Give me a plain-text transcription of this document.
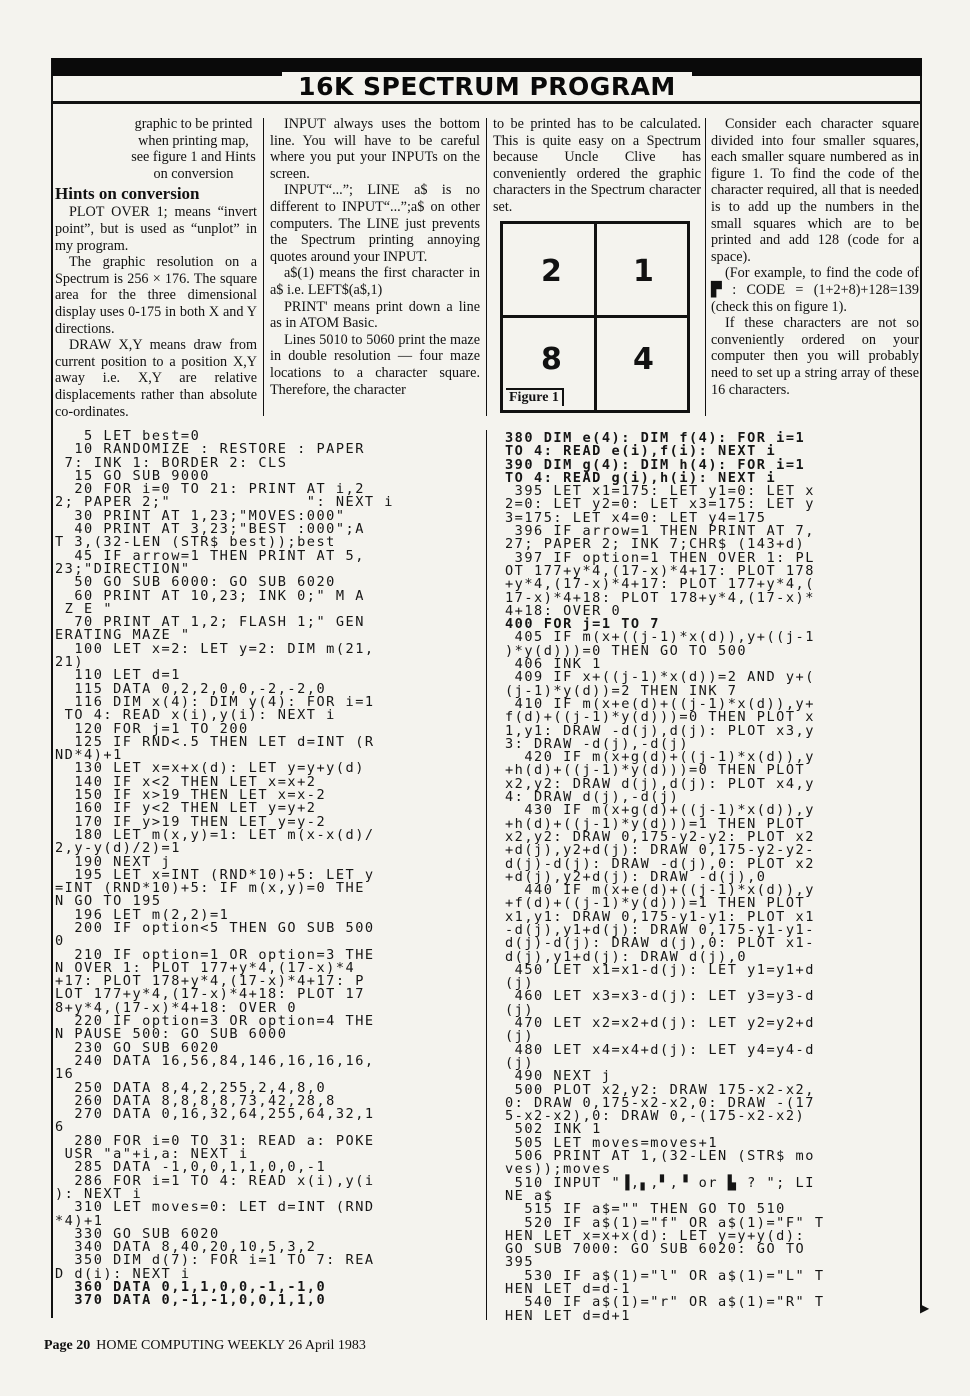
16K SPECTRUM PROGRAM

graphic to be printed when printing map, see figure 1 and Hints on conversion

Hints on conversion

PLOT OVER 1; means “invert point”, but is used as “unplot” in my program.

The graphic resolution on a Spectrum is 256 × 176. The square area for the three dimensional display uses 0-175 in both X and Y directions.

DRAW X,Y means draw from current position to a position X,Y away i.e. X,Y are relative displacements rather than absolute co-ordinates.

INPUT always uses the bottom line. You will have to be careful where you put your INPUTs on the screen.

INPUT“...”; LINE a$ is no different to INPUT“...”;a$ on other computers. The LINE just prevents the Spectrum printing annoying quotes around your INPUT.

a$(1) means the first character in a$ i.e. LEFT$(a$,1)

PRINT' means print down a line as in ATOM Basic.

Lines 5010 to 5060 print the maze in double resolution — four maze locations to a character square. Therefore, the character

to be printed has to be calculated. This is quite easy on a Spectrum because Uncle Clive has conveniently ordered the graphic characters in the Spectrum character set.

2 1
8 4
Figure 1

Consider each character square divided into four smaller squares, each smaller square numbered as in figure 1. To find the code of the character required, all that is needed is to add up the numbers in the small squares which are to be printed and add 128 (code for a space).

(For example, to find the code of ▛ : CODE = (1+2+8)+128=139 (check this on figure 1).

If these characters are not so conveniently ordered on your computer then you will probably need to set up a string array of these 16 characters.

5 LET best=0
10 RANDOMIZE : RESTORE : PAPER
7: INK 1: BORDER 2: CLS
15 GO SUB 9000
20 FOR i=0 TO 21: PRINT AT i,2
2; PAPER 2;"              ": NEXT i
30 PRINT AT 1,23;"MOVES:000"
40 PRINT AT 3,23;"BEST :000";A
T 3,(32-LEN (STR$ best));best
45 IF arrow=1 THEN PRINT AT 5,
23;"DIRECTION"
50 GO SUB 6000: GO SUB 6020
60 PRINT AT 10,23; INK 0;" M A
Z E "
70 PRINT AT 1,2; FLASH 1;" GEN
ERATING MAZE "
100 LET x=2: LET y=2: DIM m(21,
21)
110 LET d=1
115 DATA 0,2,2,0,0,-2,-2,0
116 DIM x(4): DIM y(4): FOR i=1
TO 4: READ x(i),y(i): NEXT i
120 FOR j=1 TO 200
125 IF RND<.5 THEN LET d=INT (R
ND*4)+1
130 LET x=x+x(d): LET y=y+y(d)
140 IF x<2 THEN LET x=x+2
150 IF x>19 THEN LET x=x-2
160 IF y<2 THEN LET y=y+2
170 IF y>19 THEN LET y=y-2
180 LET m(x,y)=1: LET m(x-x(d)/
2,y-y(d)/2)=1
190 NEXT j
195 LET x=INT (RND*10)+5: LET y
=INT (RND*10)+5: IF m(x,y)=0 THE
N GO TO 195
196 LET m(2,2)=1
200 IF option<5 THEN GO SUB 500
0
210 IF option=1 OR option=3 THE
N OVER 1: PLOT 177+y*4,(17-x)*4
+17: PLOT 178+y*4,(17-x)*4+17: P
LOT 177+y*4,(17-x)*4+18: PLOT 17
8+y*4,(17-x)*4+18: OVER 0
220 IF option=3 OR option=4 THE
N PAUSE 500: GO SUB 6000
230 GO SUB 6020
240 DATA 16,56,84,146,16,16,16,
16
250 DATA 8,4,2,255,2,4,8,0
260 DATA 8,8,8,8,73,42,28,8
270 DATA 0,16,32,64,255,64,32,1
6
280 FOR i=0 TO 31: READ a: POKE
USR "a"+i,a: NEXT i
285 DATA -1,0,0,1,1,0,0,-1
286 FOR i=1 TO 4: READ x(i),y(i
): NEXT i
310 LET moves=0: LET d=INT (RND
*4)+1
330 GO SUB 6020
340 DATA 8,40,20,10,5,3,2
350 DIM d(7): FOR i=1 TO 7: REA
D d(i): NEXT i
360 DATA 0,1,1,0,0,-1,-1,0
370 DATA 0,-1,-1,0,0,1,1,0
380 DIM e(4): DIM f(4): FOR i=1
TO 4: READ e(i),f(i): NEXT i
390 DIM g(4): DIM h(4): FOR i=1
TO 4: READ g(i),h(i): NEXT i
395 LET x1=175: LET y1=0: LET x
2=0: LET y2=0: LET x3=175: LET y
3=175: LET x4=0: LET y4=175
396 IF arrow=1 THEN PRINT AT 7,
27; PAPER 2; INK 7;CHR$ (143+d)
397 IF option=1 THEN OVER 1: PL
OT 177+y*4,(17-x)*4+17: PLOT 178
+y*4,(17-x)*4+17: PLOT 177+y*4,(
17-x)*4+18: PLOT 178+y*4,(17-x)*
4+18: OVER 0
400 FOR j=1 TO 7
405 IF m(x+((j-1)*x(d)),y+((j-1
)*y(d)))=0 THEN GO TO 500
406 INK 1
409 IF x+((j-1)*x(d))=2 AND y+(
(j-1)*y(d))=2 THEN INK 7
410 IF m(x+e(d)+((j-1)*x(d)),y+
f(d)+((j-1)*y(d)))=0 THEN PLOT x
1,y1: DRAW -d(j),d(j): PLOT x3,y
3: DRAW -d(j),-d(j)
420 IF m(x+g(d)+((j-1)*x(d)),y
+h(d)+((j-1)*y(d)))=0 THEN PLOT
x2,y2: DRAW d(j),d(j): PLOT x4,y
4: DRAW d(j),-d(j)
430 IF m(x+g(d)+((j-1)*x(d)),y
+h(d)+((j-1)*y(d)))=1 THEN PLOT
x2,y2: DRAW 0,175-y2-y2: PLOT x2
+d(j),y2+d(j): DRAW 0,175-y2-y2-
d(j)-d(j): DRAW -d(j),0: PLOT x2
+d(j),y2+d(j): DRAW -d(j),0
440 IF m(x+e(d)+((j-1)*x(d)),y
+f(d)+((j-1)*y(d)))=1 THEN PLOT
x1,y1: DRAW 0,175-y1-y1: PLOT x1
-d(j),y1+d(j): DRAW 0,175-y1-y1-
d(j)-d(j): DRAW d(j),0: PLOT x1-
d(j),y1+d(j): DRAW d(j),0
450 LET x1=x1-d(j): LET y1=y1+d
(j)
460 LET x3=x3-d(j): LET y3=y3-d
(j)
470 LET x2=x2+d(j): LET y2=y2+d
(j)
480 LET x4=x4+d(j): LET y4=y4-d
(j)
490 NEXT j
500 PLOT x2,y2: DRAW 175-x2-x2,
0: DRAW 0,175-x2-x2,0: DRAW -(17
5-x2-x2),0: DRAW 0,-(175-x2-x2)
502 INK 1
505 LET moves=moves+1
506 PRINT AT 1,(32-LEN (STR$ mo
ves));moves
510 INPUT "▐,▖,▘,▝ or ▙ ? "; LI
NE a$
515 IF a$="" THEN GO TO 510
520 IF a$(1)="f" OR a$(1)="F" T
HEN LET x=x+x(d): LET y=y+y(d):
GO SUB 7000: GO SUB 6020: GO TO
395
530 IF a$(1)="l" OR a$(1)="L" T
HEN LET d=d-1
540 IF a$(1)="r" OR a$(1)="R" T
HEN LET d=d+1	▶
Page 20 HOME COMPUTING WEEKLY 26 April 1983
